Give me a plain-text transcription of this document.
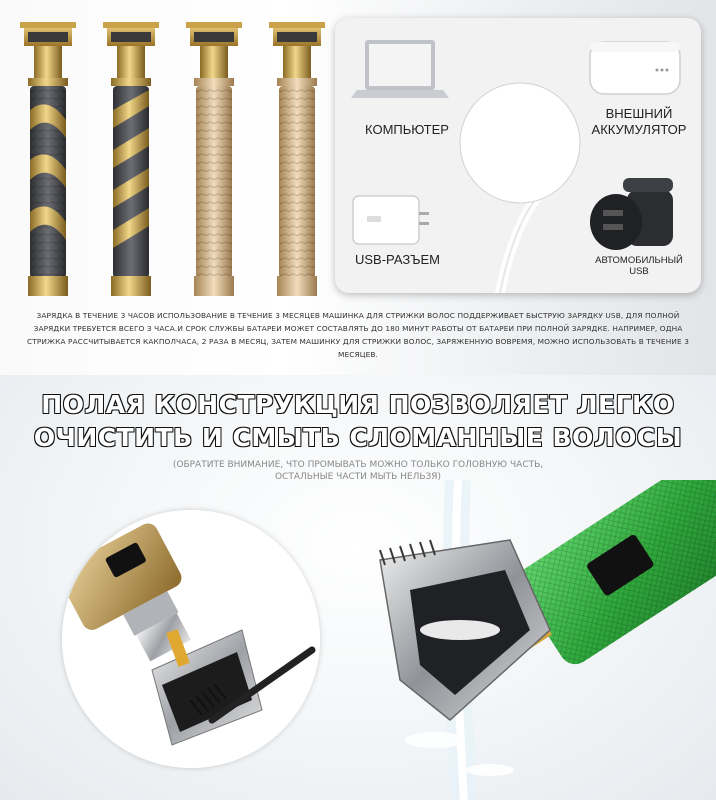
КОМПЬЮТЕР
ВНЕШНИЙ
АККУМУЛЯТОР
USB-РАЗЪЕМ	АВТОМОБИЛЬНЫЙ
USB
ЗАРЯДКА В ТЕЧЕНИЕ 3 ЧАСОВ ИСПОЛЬЗОВАНИЕ В ТЕЧЕНИЕ 3 МЕСЯЦЕВ МАШИНКА ДЛЯ СТРИЖКИ ВОЛОС ПОДДЕРЖИВАЕТ БЫСТРУЮ ЗАРЯДКУ USB, ДЛЯ ПОЛНОЙ ЗАРЯДКИ ТРЕБУЕТСЯ ВСЕГО 3 ЧАСА.И СРОК СЛУЖБЫ БАТАРЕИ МОЖЕТ СОСТАВЛЯТЬ ДО 180 МИНУТ РАБОТЫ ОТ БАТАРЕИ ПРИ ПОЛНОЙ ЗАРЯДКЕ. НАПРИМЕР, ОДНА СТРИЖКА РАССЧИТЫВАЕТСЯ КАКПОЛЧАСА, 2 РАЗА В МЕСЯЦ, ЗАТЕМ МАШИНКУ ДЛЯ СТРИЖКИ ВОЛОС, ЗАРЯЖЕННУЮ ВОВРЕМЯ, МОЖНО ИСПОЛЬЗОВАТЬ В ТЕЧЕНИЕ 3 МЕСЯЦЕВ.
ПОЛАЯ КОНСТРУКЦИЯ ПОЗВОЛЯЕТ ЛЕГКО
ОЧИСТИТЬ И СМЫТЬ СЛОМАННЫЕ ВОЛОСЫ
(ОБРАТИТЕ ВНИМАНИЕ, ЧТО ПРОМЫВАТЬ МОЖНО ТОЛЬКО ГОЛОВНУЮ ЧАСТЬ,
ОСТАЛЬНЫЕ ЧАСТИ МЫТЬ НЕЛЬЗЯ)
